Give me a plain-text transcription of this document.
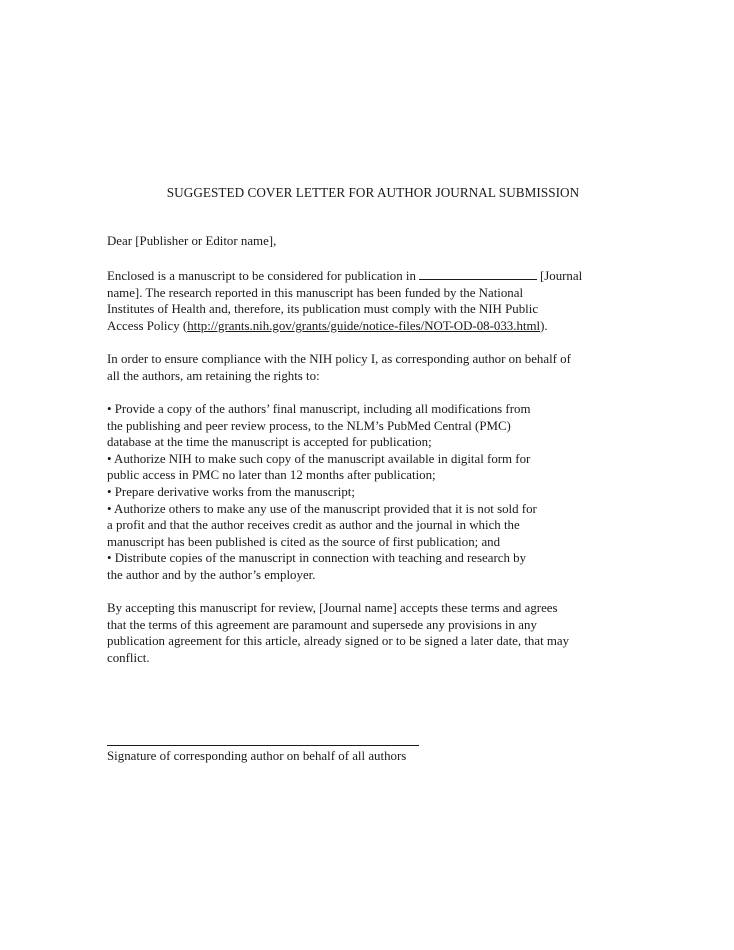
SUGGESTED COVER LETTER FOR AUTHOR JOURNAL SUBMISSION

Dear [Publisher or Editor name],

Enclosed is a manuscript to be considered for publication in	[Journal
name]. The research reported in this manuscript has been funded by the National
Institutes of Health and, therefore, its publication must comply with the NIH Public
Access Policy (http://grants.nih.gov/grants/guide/notice-files/NOT-OD-08-033.html).

In order to ensure compliance with the NIH policy I, as corresponding author on behalf of
all the authors, am retaining the rights to:

• Provide a copy of the authors’ final manuscript, including all modifications from
the publishing and peer review process, to the NLM’s PubMed Central (PMC)
database at the time the manuscript is accepted for publication;
• Authorize NIH to make such copy of the manuscript available in digital form for
public access in PMC no later than 12 months after publication;
• Prepare derivative works from the manuscript;
• Authorize others to make any use of the manuscript provided that it is not sold for
a profit and that the author receives credit as author and the journal in which the
manuscript has been published is cited as the source of first publication; and
• Distribute copies of the manuscript in connection with teaching and research by
the author and by the author’s employer.

By accepting this manuscript for review, [Journal name] accepts these terms and agrees
that the terms of this agreement are paramount and supersede any provisions in any
publication agreement for this article, already signed or to be signed a later date, that may
conflict.

Signature of corresponding author on behalf of all authors
